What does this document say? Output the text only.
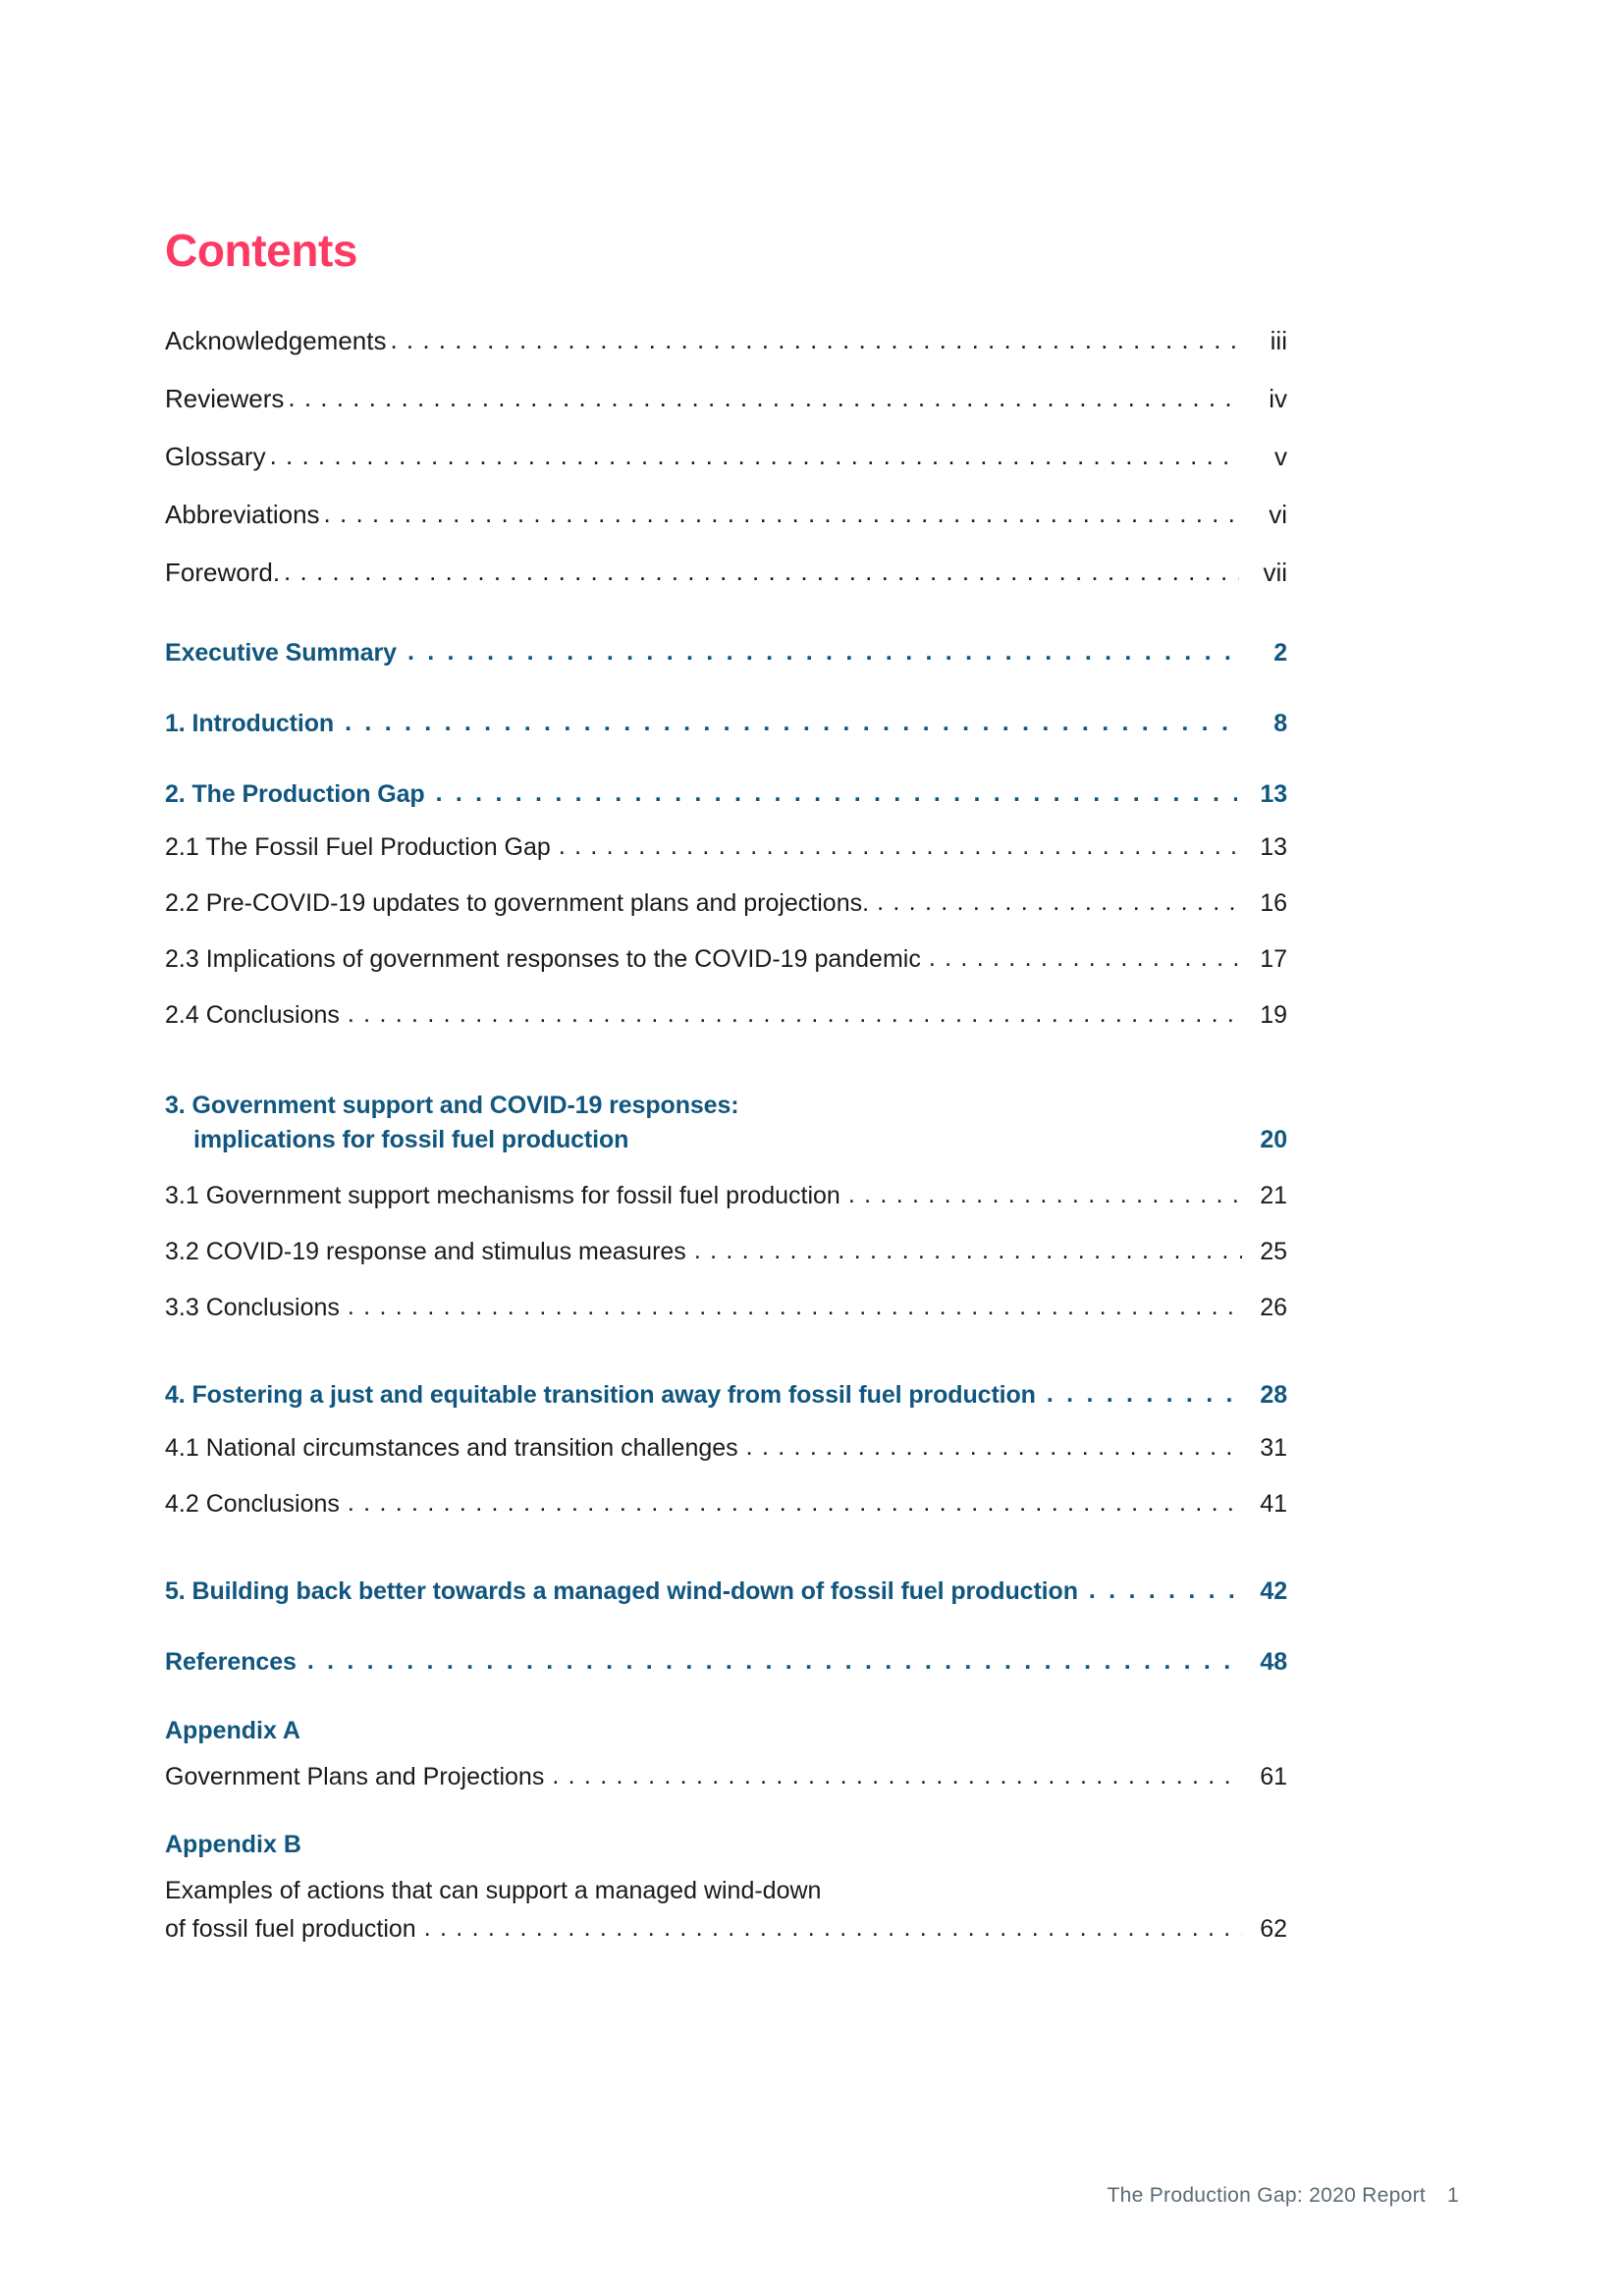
Contents
Acknowledgements . . .	iii
Reviewers . . .	iv
Glossary . . .	v
Abbreviations . . .	vi
Foreword. . . .	vii
Executive Summary . . .	2
1. Introduction . . .	8
2. The Production Gap . . .	13
2.1 The Fossil Fuel Production Gap . . .	13
2.2 Pre-COVID-19 updates to government plans and projections. . . .	16
2.3 Implications of government responses to the COVID-19 pandemic . . .	17
2.4 Conclusions . . .	19
3. Government support and COVID-19 responses:
implications for fossil fuel production	20
3.1 Government support mechanisms for fossil fuel production . . .	21
3.2 COVID-19 response and stimulus measures . . .	25
3.3 Conclusions . . .	26
4. Fostering a just and equitable transition away from fossil fuel production . . .	28
4.1 National circumstances and transition challenges . . .	31
4.2 Conclusions . . .	41
5. Building back better towards a managed wind-down of fossil fuel production . . .	42
References . . .	48
Appendix A
Government Plans and Projections . . .	61
Appendix B
Examples of actions that can support a managed wind-down
of fossil fuel production . . .	62
The Production Gap: 2020 Report 1
